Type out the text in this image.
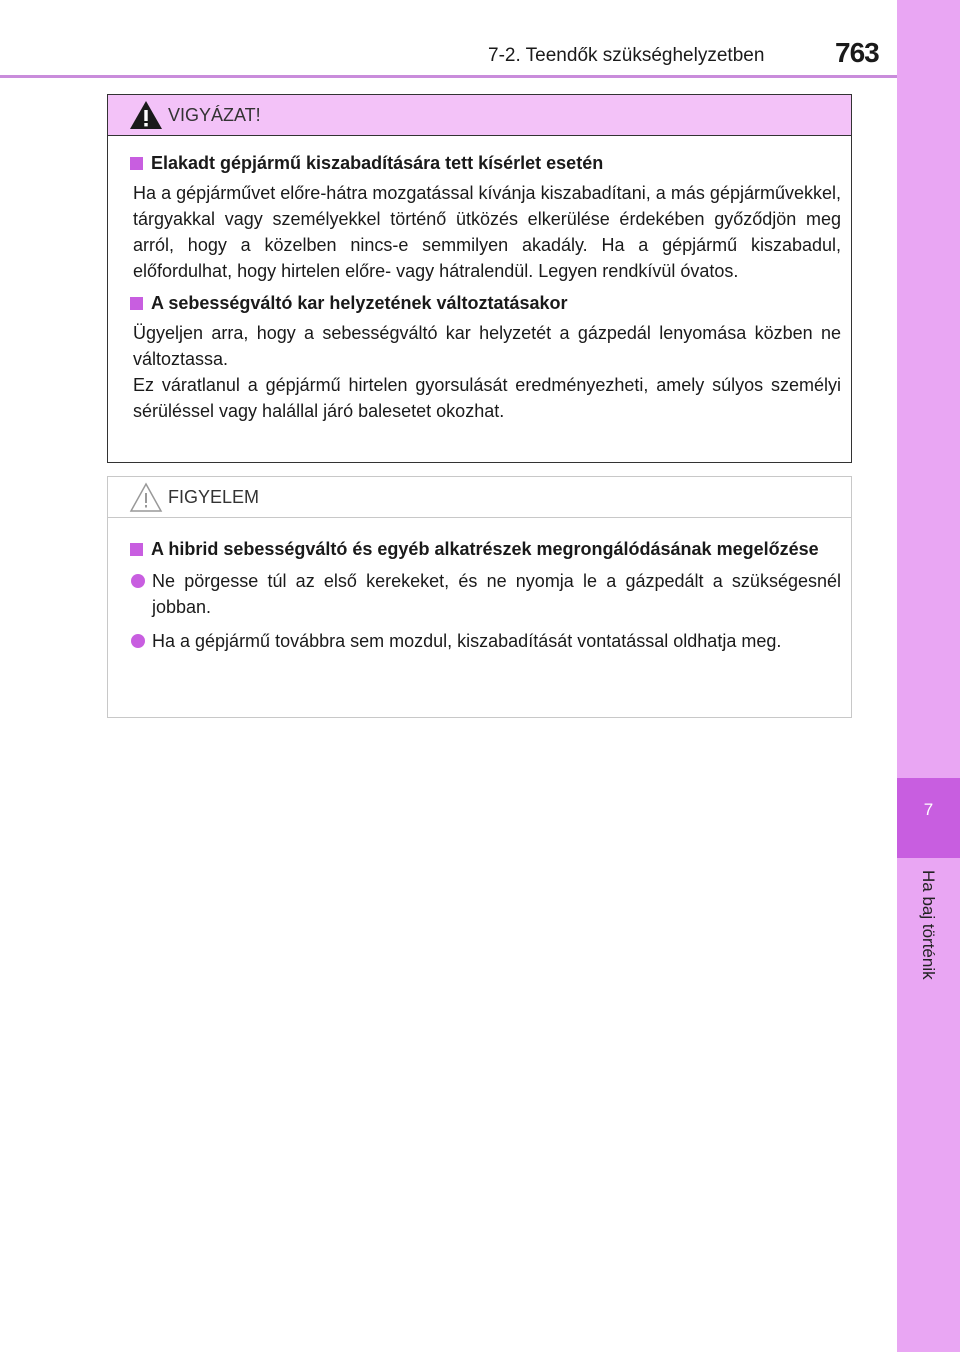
7
Ha baj történik
7-2. Teendők szükséghelyzetben	763
VIGYÁZAT!
Elakadt gépjármű kiszabadítására tett kísérlet esetén
Ha a gépjárművet előre-hátra mozgatással kívánja kiszabadítani, a más gépjárművekkel, tárgyakkal vagy személyekkel történő ütközés elkerülése érdekében győződjön meg arról, hogy a közelben nincs-e semmilyen akadály. Ha a gépjármű kiszabadul, előfordulhat, hogy hirtelen előre- vagy hátralendül. Legyen rendkívül óvatos.
A sebességváltó kar helyzetének változtatásakor
Ügyeljen arra, hogy a sebességváltó kar helyzetét a gázpedál lenyomása közben ne változtassa.
Ez váratlanul a gépjármű hirtelen gyorsulását eredményezheti, amely súlyos személyi sérüléssel vagy halállal járó balesetet okozhat.
FIGYELEM
A hibrid sebességváltó és egyéb alkatrészek megrongálódásának megelőzése
Ne pörgesse túl az első kerekeket, és ne nyomja le a gázpedált a szükségesnél jobban.
Ha a gépjármű továbbra sem mozdul, kiszabadítását vontatással oldhatja meg.
